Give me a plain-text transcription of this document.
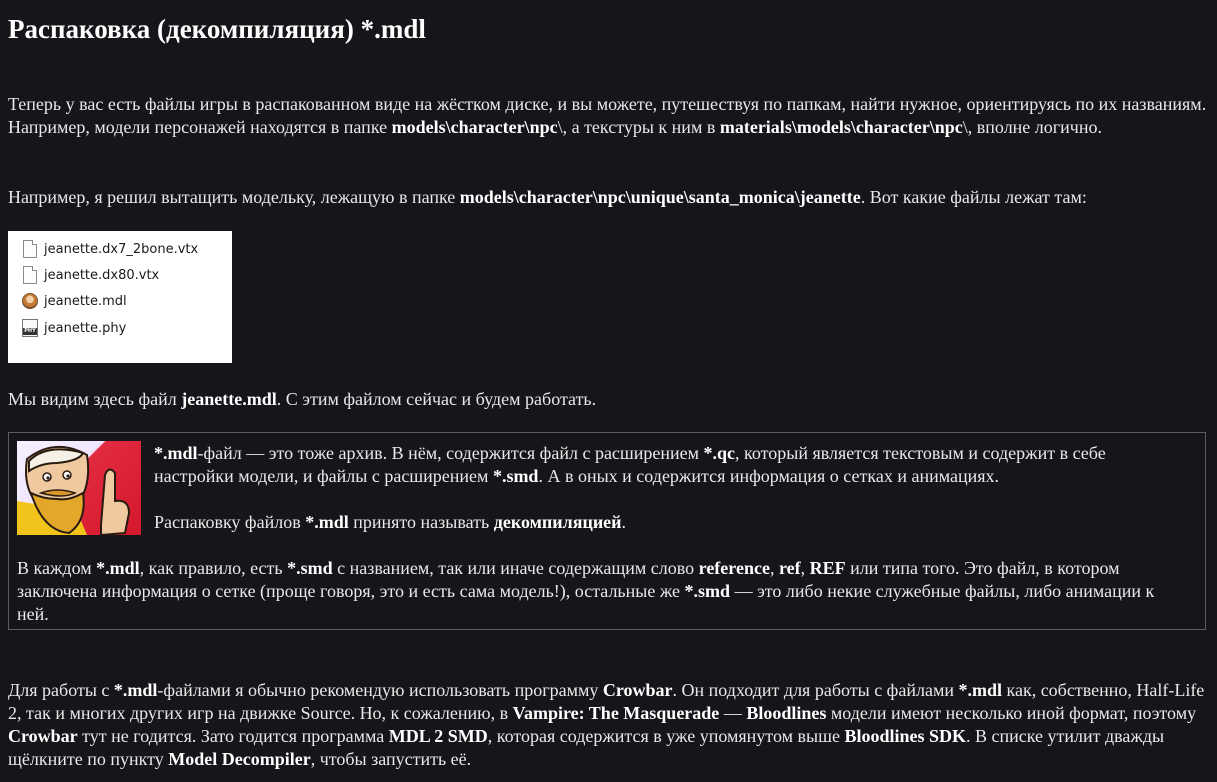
Распаковка (декомпиляция) *.mdl

Теперь у вас есть файлы игры в распакованном виде на жёстком диске, и вы можете, путешествуя по папкам, найти нужное, ориентируясь по их названиям. Например, модели персонажей находятся в папке models\character\npc\, а текстуры к ним в materials\models\character\npc\, вполне логично.

Например, я решил вытащить модельку, лежащую в папке models\character\npc\unique\santa_monica\jeanette. Вот какие файлы лежат там:

jeanette.dx7_2bone.vtx
jeanette.dx80.vtx
jeanette.mdl
PHY jeanette.phy

Мы видим здесь файл jeanette.mdl. С этим файлом сейчас и будем работать.

*.mdl-файл — это тоже архив. В нём, содержится файл с расширением *.qc, который является текстовым и содержит в себе настройки модели, и файлы с расширением *.smd. А в оных и содержится информация о сетках и анимациях.

Распаковку файлов *.mdl принято называть декомпиляцией.

В каждом *.mdl, как правило, есть *.smd с названием, так или иначе содержащим слово reference, ref, REF или типа того. Это файл, в котором заключена информация о сетке (проще говоря, это и есть сама модель!), остальные же *.smd — это либо некие служебные файлы, либо анимации к ней.

Для работы с *.mdl-файлами я обычно рекомендую использовать программу Crowbar. Он подходит для работы с файлами *.mdl как, собственно, Half-Life 2, так и многих других игр на движке Source. Но, к сожалению, в Vampire: The Masquerade — Bloodlines модели имеют несколько иной формат, поэтому Crowbar тут не годится. Зато годится программа MDL 2 SMD, которая содержится в уже упомянутом выше Bloodlines SDK. В списке утилит дважды щёлкните по пункту Model Decompiler, чтобы запустить её.
